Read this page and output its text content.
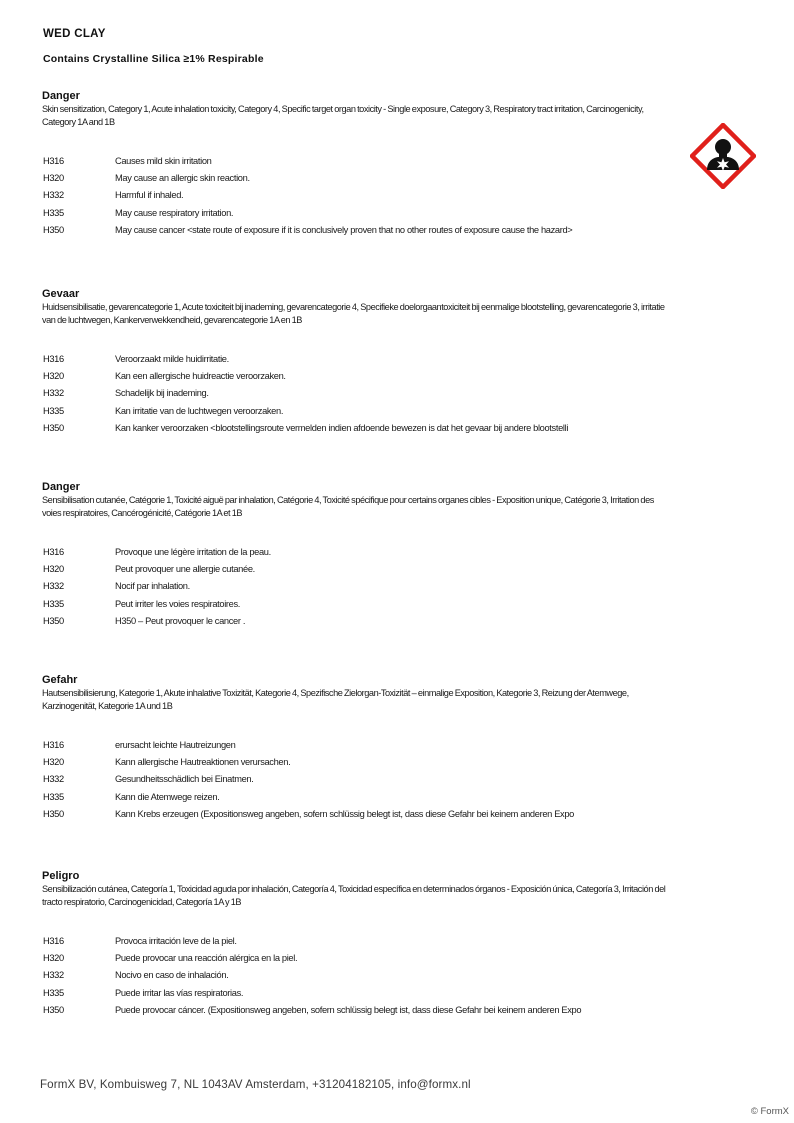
WED CLAY
Contains Crystalline Silica ≥1% Respirable
Danger
Skin sensitization, Category 1, Acute inhalation toxicity, Category 4, Specific target organ toxicity - Single exposure, Category 3, Respiratory tract irritation, Carcinogenicity, Category 1A and 1B
H316	Causes mild skin irritation
H320	May cause an allergic skin reaction.
H332	Harmful if inhaled.
H335	May cause respiratory irritation.
H350	May cause cancer <state route of exposure if it is conclusively proven that no other routes of exposure cause the hazard>
Gevaar
Huidsensibilisatie, gevarencategorie 1, Acute toxiciteit bij inademing, gevarencategorie 4, Specifieke doelorgaantoxiciteit bij eenmalige blootstelling, gevarencategorie 3, irritatie van de luchtwegen, Kankerverwekkendheid, gevarencategorie 1A en 1B
H316	Veroorzaakt milde huidirritatie.
H320	Kan een allergische huidreactie veroorzaken.
H332	Schadelijk bij inademing.
H335	Kan irritatie van de luchtwegen veroorzaken.
H350	Kan kanker veroorzaken <blootstellingsroute vermelden indien afdoende bewezen is dat het gevaar bij andere blootstelli
Danger
Sensibilisation cutanée, Catégorie 1, Toxicité aiguë par inhalation, Catégorie 4, Toxicité spécifique pour certains organes cibles - Exposition unique, Catégorie 3, Irritation des voies respiratoires, Cancérogénicité, Catégorie 1A et 1B
H316	Provoque une légère irritation de la peau.
H320	Peut provoquer une allergie cutanée.
H332	Nocif par inhalation.
H335	Peut irriter les voies respiratoires.
H350	H350 – Peut provoquer le cancer .
Gefahr
Hautsensibilisierung, Kategorie 1, Akute inhalative Toxizität, Kategorie 4, Spezifische Zielorgan-Toxizität – einmalige Exposition, Kategorie 3, Reizung der Atemwege, Karzinogenität, Kategorie 1A und 1B
H316	erursacht leichte Hautreizungen
H320	Kann allergische Hautreaktionen verursachen.
H332	Gesundheitsschädlich bei Einatmen.
H335	Kann die Atemwege reizen.
H350	Kann Krebs erzeugen (Expositionsweg angeben, sofern schlüssig belegt ist, dass diese Gefahr bei keinem anderen Expo
Peligro
Sensibilización cutánea, Categoría 1, Toxicidad aguda por inhalación, Categoría 4, Toxicidad específica en determinados órganos - Exposición única, Categoría 3, Irritación del tracto respiratorio, Carcinogenicidad, Categoría 1A y 1B
H316	Provoca irritación leve de la piel.
H320	Puede provocar una reacción alérgica en la piel.
H332	Nocivo en caso de inhalación.
H335	Puede irritar las vías respiratorias.
H350	Puede provocar cáncer. (Expositionsweg angeben, sofern schlüssig belegt ist, dass diese Gefahr bei keinem anderen Expo
FormX BV, Kombuisweg 7, NL 1043AV Amsterdam, +31204182105, info@formx.nl
© FormX
